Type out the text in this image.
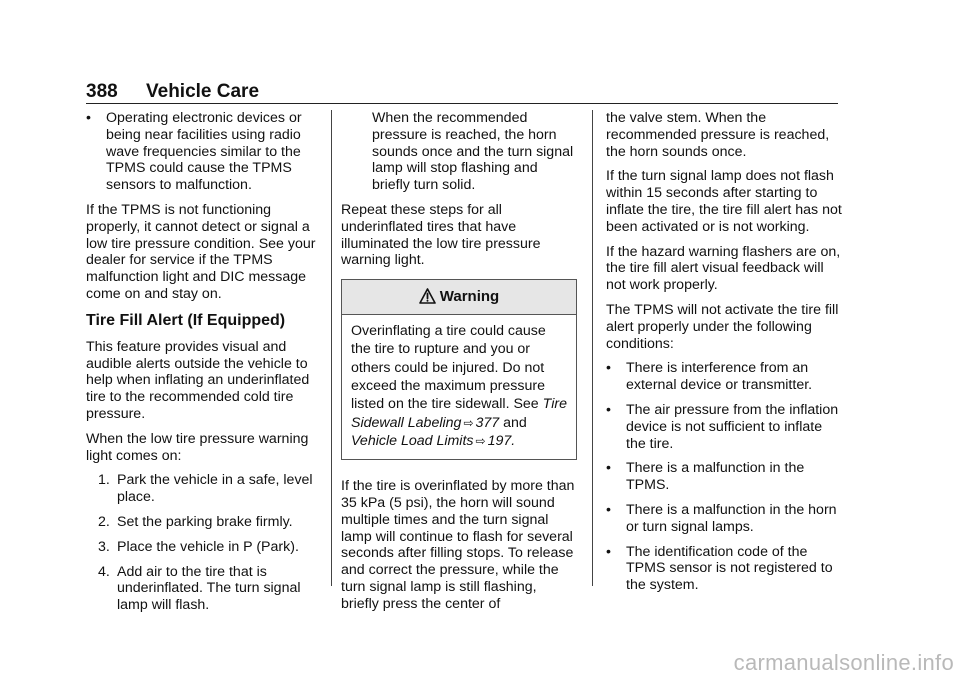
388 Vehicle Care
• Operating electronic devices or being near facilities using radio wave frequencies similar to the TPMS could cause the TPMS sensors to malfunction.

If the TPMS is not functioning properly, it cannot detect or signal a low tire pressure condition. See your dealer for service if the TPMS malfunction light and DIC message come on and stay on.

Tire Fill Alert (If Equipped)

This feature provides visual and audible alerts outside the vehicle to help when inflating an underinflated tire to the recommended cold tire pressure.

When the low tire pressure warning light comes on:

1. Park the vehicle in a safe, level place.
2. Set the parking brake firmly.
3. Place the vehicle in P (Park).
4. Add air to the tire that is underinflated. The turn signal lamp will flash.

When the recommended pressure is reached, the horn sounds once and the turn signal lamp will stop flashing and briefly turn solid.

Repeat these steps for all underinflated tires that have illuminated the low tire pressure warning light.

Warning
Overinflating a tire could cause the tire to rupture and you or others could be injured. Do not exceed the maximum pressure listed on the tire sidewall. See Tire Sidewall Labeling ⇨ 377 and Vehicle Load Limits ⇨ 197.

If the tire is overinflated by more than 35 kPa (5 psi), the horn will sound multiple times and the turn signal lamp will continue to flash for several seconds after filling stops. To release and correct the pressure, while the turn signal lamp is still flashing, briefly press the center of

the valve stem. When the recommended pressure is reached, the horn sounds once.

If the turn signal lamp does not flash within 15 seconds after starting to inflate the tire, the tire fill alert has not been activated or is not working.

If the hazard warning flashers are on, the tire fill alert visual feedback will not work properly.

The TPMS will not activate the tire fill alert properly under the following conditions:

• There is interference from an external device or transmitter.
• The air pressure from the inflation device is not sufficient to inflate the tire.
• There is a malfunction in the TPMS.
• There is a malfunction in the horn or turn signal lamps.
• The identification code of the TPMS sensor is not registered to the system.
carmanualsonline.info
